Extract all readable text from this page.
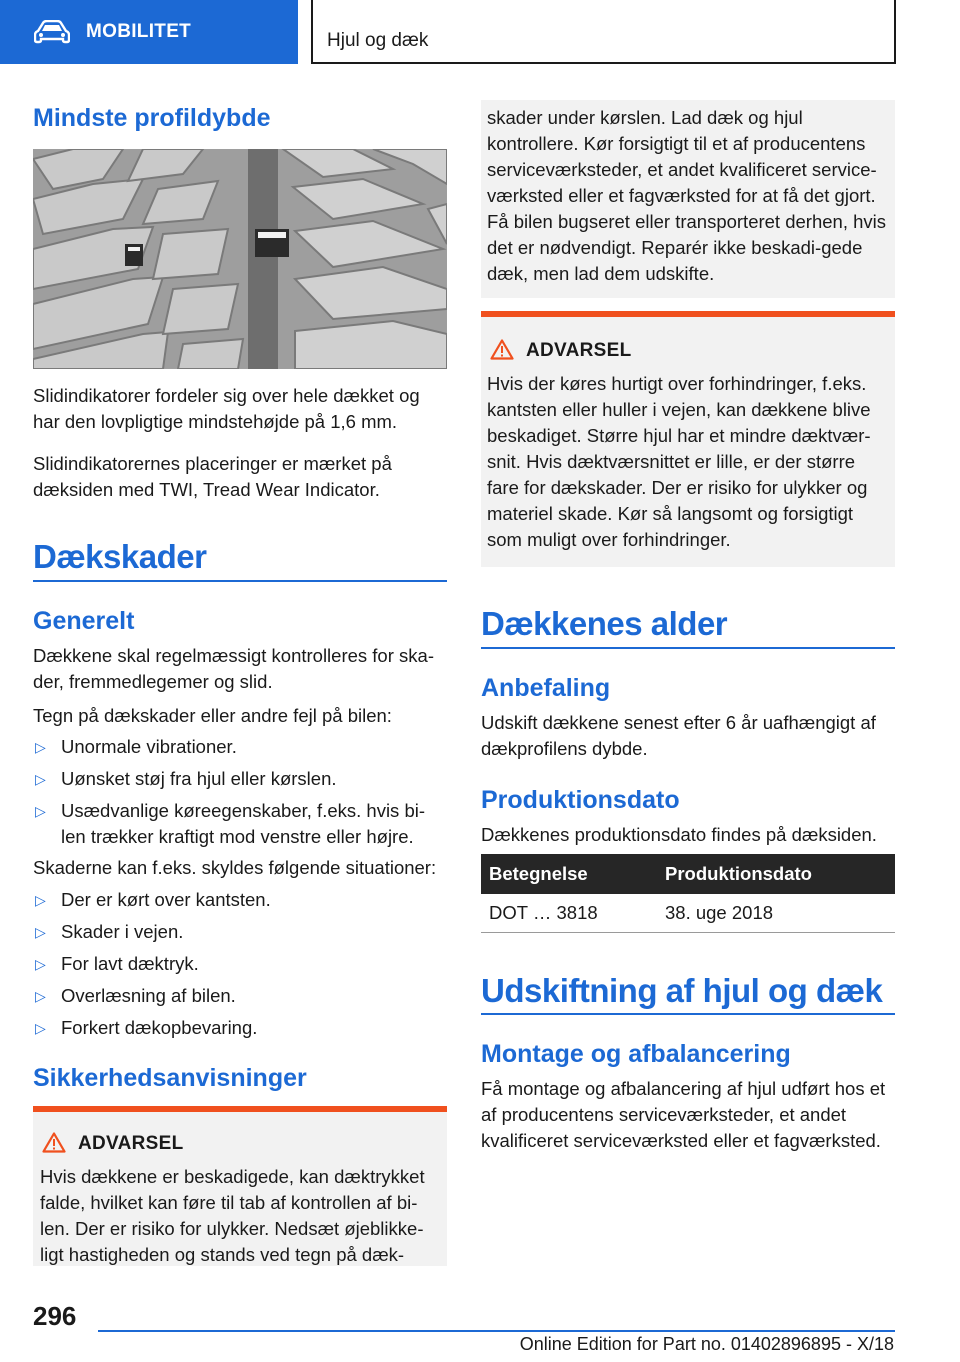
MOBILITET	Hjul og dæk
Mindste profildybde

Slidindikatorer fordeler sig over hele dækket og har den lovpligtige mindstehøjde på 1,6 mm.

Slidindikatorernes placeringer er mærket på dæksiden med TWI, Tread Wear Indicator.

Dækskader
Generelt

Dækkene skal regelmæssigt kontrolleres for ska-der, fremmedlegemer og slid.

Tegn på dækskader eller andre fejl på bilen:

▷ Unormale vibrationer.
▷ Uønsket støj fra hjul eller kørslen.
▷ Usædvanlige køreegenskaber, f.eks. hvis bi-len trækker kraftigt mod venstre eller højre.

Skaderne kan f.eks. skyldes følgende situationer:

▷ Der er kørt over kantsten.
▷ Skader i vejen.
▷ For lavt dæktryk.
▷ Overlæsning af bilen.
▷ Forkert dækopbevaring.
Sikkerhedsanvisninger
ADVARSEL

Hvis dækkene er beskadigede, kan dæktrykket falde, hvilket kan føre til tab af kontrollen af bi-len. Der er risiko for ulykker. Nedsæt øjeblikke-ligt hastigheden og stands ved tegn på dæk-

skader under kørslen. Lad dæk og hjul kontrollere. Kør forsigtigt til et af producentens serviceværksteder, et andet kvalificeret service-værksted eller et fagværksted for at få det gjort. Få bilen bugseret eller transporteret derhen, hvis det er nødvendigt. Reparér ikke beskadi-gede dæk, men lad dem udskifte.

ADVARSEL

Hvis der køres hurtigt over forhindringer, f.eks. kantsten eller huller i vejen, kan dækkene blive beskadiget. Større hjul har et mindre dæktvær-snit. Hvis dæktværsnittet er lille, er der større fare for dækskader. Der er risiko for ulykker og materiel skade. Kør så langsomt og forsigtigt som muligt over forhindringer.

Dækkenes alder
Anbefaling

Udskift dækkene senest efter 6 år uafhængigt af dækprofilens dybde.

Produktionsdato

Dækkenes produktionsdato findes på dæksiden.

Betegnelse	Produktionsdato
DOT … 3818	38. uge 2018
Udskiftning af hjul og dæk
Montage og afbalancering

Få montage og afbalancering af hjul udført hos et af producentens serviceværksteder, et andet kvalificeret serviceværksted eller et fagværksted.

296
Online Edition for Part no. 01402896895 - X/18
